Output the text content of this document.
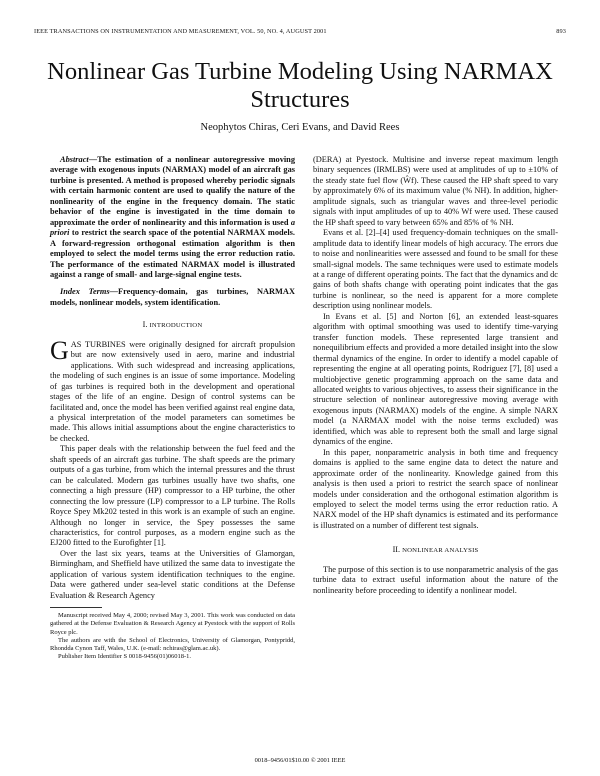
IEEE TRANSACTIONS ON INSTRUMENTATION AND MEASUREMENT, VOL. 50, NO. 4, AUGUST 2001	893
Nonlinear Gas Turbine Modeling Using NARMAX Structures
Neophytos Chiras, Ceri Evans, and David Rees

Abstract—The estimation of a nonlinear autoregressive moving average with exogenous inputs (NARMAX) model of an aircraft gas turbine is presented. A method is proposed whereby periodic signals with certain harmonic content are used to qualify the nature of the nonlinearity of the engine in the frequency domain. The static behavior of the engine is investigated in the time domain to approximate the order of nonlinearity and this information is used a priori to restrict the search space of the potential NARMAX models. A forward-regression orthogonal estimation algorithm is then employed to select the model terms using the error reduction ratio. The performance of the estimated NARMAX model is illustrated against a range of small- and large-signal engine tests.

Index Terms—Frequency-domain, gas turbines, NARMAX models, nonlinear models, system identification.

I. INTRODUCTION

GAS TURBINES were originally designed for aircraft propulsion but are now extensively used in aero, marine and industrial applications. With such widespread and increasing applications, the modeling of such engines is an issue of some importance. Modeling of gas turbines is required both in the development and operational stages of the life of an engine. Design of control systems can be facilitated and, once the model has been verified against real engine data, a physical interpretation of the model parameters can sometimes be made. This allows initial assumptions about the engine characteristics to be checked.

This paper deals with the relationship between the fuel feed and the shaft speeds of an aircraft gas turbine. The shaft speeds are the primary outputs of a gas turbine, from which the internal pressures and the thrust can be calculated. Modern gas turbines usually have two shafts, one connecting a high pressure (HP) compressor to a HP turbine, the other connecting the low pressure (LP) compressor to a LP turbine. The Rolls Royce Spey Mk202 tested in this work is an example of such an engine. Although no longer in service, the Spey possesses the same characteristics, for control purposes, as a modern engine such as the EJ200 fitted to the Eurofighter [1].

Over the last six years, teams at the Universities of Glamorgan, Birmingham, and Sheffield have utilized the same data to investigate the application of various system identification techniques to the engine. Data were gathered under sea-level static conditions at the Defense Evaluation & Research Agency

Manuscript received May 4, 2000; revised May 3, 2001. This work was conducted on data gathered at the Defense Evaluation & Research Agency at Pyestock with the support of Rolls Royce plc.

The authors are with the School of Electronics, University of Glamorgan, Pontypridd, Rhondda Cynon Taff, Wales, U.K. (e-mail: nchiras@glam.ac.uk).

Publisher Item Identifier S 0018-9456(01)06018-1.

(DERA) at Pyestock. Multisine and inverse repeat maximum length binary sequences (IRMLBS) were used at amplitudes of up to ±10% of the steady state fuel flow (Ŵf). These caused the HP shaft speed to vary by approximately 6% of its maximum value (% NH). In addition, higher-amplitude signals, such as triangular waves and three-level periodic signals with input amplitudes of up to 40% Wf were used. These caused the HP shaft speed to vary between 65% and 85% of % NH.

Evans et al. [2]–[4] used frequency-domain techniques on the small-amplitude data to identify linear models of high accuracy. The errors due to noise and nonlinearities were assessed and found to be small for these small-signal models. The same techniques were used to estimate models at a range of different operating points. The fact that the dynamics and dc gains of both shafts change with operating point indicates that the gas turbine is nonlinear, so the need is apparent for a more complete description using nonlinear models.

In Evans et al. [5] and Norton [6], an extended least-squares algorithm with optimal smoothing was used to identify time-varying transfer function models. These represented large transient and nonequilibrium effects and provided a more detailed insight into the slow thermal dynamics of the engine. In order to identify a model capable of representing the engine at all operating points, Rodriguez [7], [8] used a multiobjective genetic programming approach on the same data and allocated weights to various objectives, to assess their significance in the structure selection of nonlinear autoregressive moving average with exogenous inputs (NARMAX) models of the engine. A simple NARX model (a NARMAX model with the noise terms excluded) was identified, which was able to represent both the small and large signal dynamics of the engine.

In this paper, nonparametric analysis in both time and frequency domains is applied to the same engine data to detect the nature and approximate order of the nonlinearity. Knowledge gained from this analysis is then used a priori to restrict the search space of nonlinear models under consideration and the orthogonal estimation algorithm is employed to select the model terms using the error reduction ratio. A NARX model of the HP shaft dynamics is estimated and its performance is illustrated on a number of different test signals.

II. NONLINEAR ANALYSIS

The purpose of this section is to use nonparametric analysis of the gas turbine data to extract useful information about the nature of the nonlinearity before proceeding to identify a nonlinear model.

0018–9456/01$10.00 © 2001 IEEE
